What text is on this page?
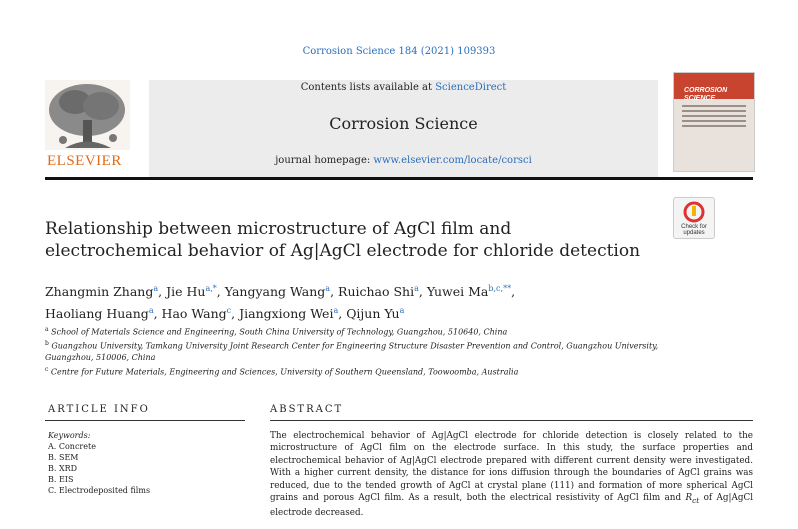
Corrosion Science 184 (2021) 109393
ELSEVIER
Contents lists available at ScienceDirect
Corrosion Science
journal homepage: www.elsevier.com/locate/corsci
CORROSION
SCIENCE
Relationship between microstructure of AgCl film and electrochemical behavior of Ag|AgCl electrode for chloride detection
Check for
updates
Zhangmin Zhang$^a$, Jie $Hu^{a,*}$, Yangyang Wang$^a$, Ruichao Shi$^a$, Yuwei $Ma^{b,c,**}$,
Haoliang Huang$^a$, Hao Wang$^c$, Jiangxiong Wei$^a$, Qijun Yu$^a$
$^a$ School of Materials Science and Engineering, South China University of Technology, Guangzhou, 510640, China
$^b$ Guangzhou University, Tamkang University Joint Research Center for Engineering Structure Disaster Prevention and Control, Guangzhou University, Guangzhou, 510006, China
$^c$ Centre for Future Materials, Engineering and Sciences, University of Southern Queensland, Toowoomba, Australia
ARTICLE INFO	ABSTRACT
Keywords:
A. Concrete
B. SEM
B. XRD
B. EIS
C. Electrodeposited films
The electrochemical behavior of Ag|AgCl electrode for chloride detection is closely related to the microstructure of AgCl film on the electrode surface. In this study, the surface properties and electrochemical behavior of Ag|AgCl electrode prepared with different current density were investigated. With a higher current density, the distance for ions diffusion through the boundaries of AgCl grains was reduced, due to the tended growth of AgCl at crystal plane (111) and formation of more spherical AgCl grains and porous AgCl film. As a result, both the electrical resistivity of AgCl film and $R_{ct}$ of Ag|AgCl electrode decreased.
